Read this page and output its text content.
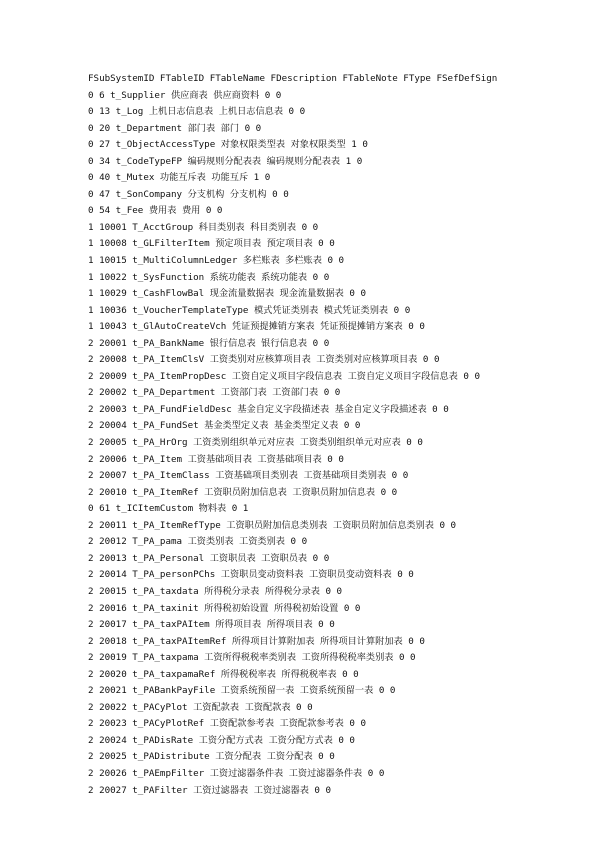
FSubSystemID FTableID FTableName FDescription FTableNote FType FSefDefSign
0 6 t_Supplier 供应商表 供应商资料 0 0
0 13 t_Log 上机日志信息表 上机日志信息表 0 0
0 20 t_Department 部门表 部门 0 0
0 27 t_ObjectAccessType 对象权限类型表 对象权限类型 1 0
0 34 t_CodeTypeFP 编码规则分配表表 编码规则分配表表 1 0
0 40 t_Mutex 功能互斥表 功能互斥 1 0
0 47 t_SonCompany 分支机构 分支机构 0 0
0 54 t_Fee 费用表 费用 0 0
1 10001 T_AcctGroup 科目类别表 科目类别表 0 0
1 10008 t_GLFilterItem 预定项目表 预定项目表 0 0
1 10015 t_MultiColumnLedger 多栏账表 多栏账表 0 0
1 10022 t_SysFunction 系统功能表 系统功能表 0 0
1 10029 t_CashFlowBal 现金流量数据表 现金流量数据表 0 0
1 10036 t_VoucherTemplateType 模式凭证类别表 模式凭证类别表 0 0
1 10043 t_GlAutoCreateVch 凭证预提摊销方案表 凭证预提摊销方案表 0 0
2 20001 t_PA_BankName 银行信息表 银行信息表 0 0
2 20008 t_PA_ItemClsV 工资类别对应核算项目表 工资类别对应核算项目表 0 0
2 20009 t_PA_ItemPropDesc 工资自定义项目字段信息表 工资自定义项目字段信息表 0 0
2 20002 t_PA_Department 工资部门表 工资部门表 0 0
2 20003 t_PA_FundFieldDesc 基金自定义字段描述表 基金自定义字段描述表 0 0
2 20004 t_PA_FundSet 基金类型定义表 基金类型定义表 0 0
2 20005 t_PA_HrOrg 工资类别组织单元对应表 工资类别组织单元对应表 0 0
2 20006 t_PA_Item 工资基础项目表 工资基础项目表 0 0
2 20007 t_PA_ItemClass 工资基础项目类别表 工资基础项目类别表 0 0
2 20010 t_PA_ItemRef 工资职员附加信息表 工资职员附加信息表 0 0
0 61 t_ICItemCustom 物料表 0 1
2 20011 t_PA_ItemRefType 工资职员附加信息类别表 工资职员附加信息类别表 0 0
2 20012 T_PA_pama 工资类别表 工资类别表 0 0
2 20013 t_PA_Personal 工资职员表 工资职员表 0 0
2 20014 T_PA_personPChs 工资职员变动资料表 工资职员变动资料表 0 0
2 20015 t_PA_taxdata 所得税分录表 所得税分录表 0 0
2 20016 t_PA_taxinit 所得税初始设置 所得税初始设置 0 0
2 20017 t_PA_taxPAItem 所得项目表 所得项目表 0 0
2 20018 t_PA_taxPAItemRef 所得项目计算附加表 所得项目计算附加表 0 0
2 20019 T_PA_taxpama 工资所得税税率类别表 工资所得税税率类别表 0 0
2 20020 t_PA_taxpamaRef 所得税税率表 所得税税率表 0 0
2 20021 t_PABankPayFile 工资系统预留一表 工资系统预留一表 0 0
2 20022 t_PACyPlot 工资配款表 工资配款表 0 0
2 20023 t_PACyPlotRef 工资配款参考表 工资配款参考表 0 0
2 20024 t_PADisRate 工资分配方式表 工资分配方式表 0 0
2 20025 t_PADistribute 工资分配表 工资分配表 0 0
2 20026 t_PAEmpFilter 工资过滤器条件表 工资过滤器条件表 0 0
2 20027 t_PAFilter 工资过滤器表 工资过滤器表 0 0
